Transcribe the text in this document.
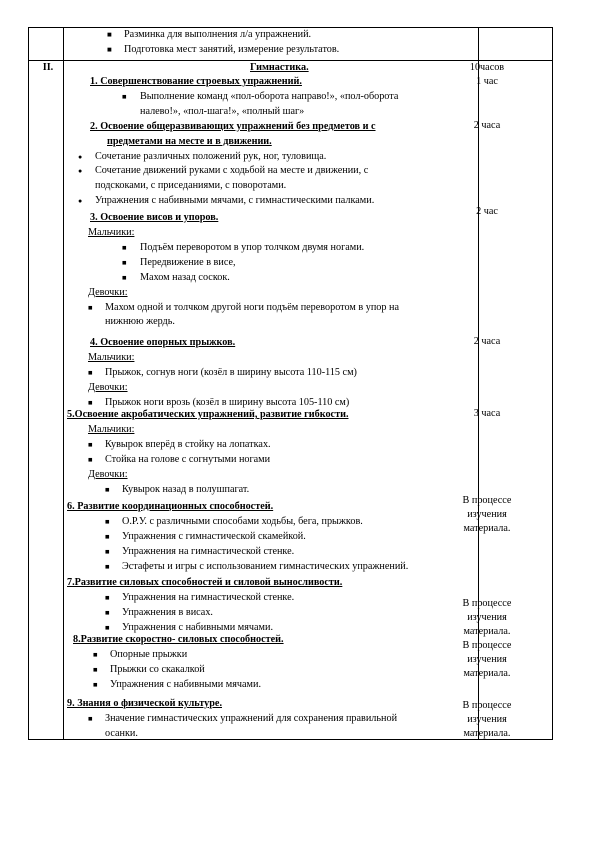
■ Разминка для выполнения л/а упражнений.
■ Подготовка мест занятий, измерение результатов.
II.	Гимнастика.	10часов
1. Совершенствование строевых упражнений.
■ Выполнение команд «пол-оборота направо!», «пол-оборота
налево!», «пол-шага!», «полный шаг»
2. Освоение общеразвивающих упражнений без предметов и с
предметами на месте и в движении.
● Сочетание различных положений рук, ног, туловища.
● Сочетание движений руками с ходьбой на месте и движении, с
подскоками, с приседаниями, с поворотами.
● Упражнения с набивными мячами, с гимнастическими палками.
3. Освоение висов и упоров.
Мальчики:
■ Подъём переворотом в упор толчком двумя ногами.
■ Передвижение в висе,
■ Махом назад соскок.
Девочки:
■ Махом одной и толчком другой ноги подъём переворотом в упор на
нижнюю жердь.
4. Освоение опорных прыжков.
Мальчики:
■ Прыжок, согнув ноги (козёл в ширину высота 110-115 см)
Девочки:
■ Прыжок ноги врозь (козёл в ширину высота 105-110 см)
5.Освоение акробатических упражнений, развитие гибкости.
Мальчики:
■ Кувырок вперёд в стойку на лопатках.
■ Стойка на голове с согнутыми ногами
Девочки:
■ Кувырок назад в полушпагат.
6. Развитие координационных способностей.
■ О.Р.У. с различными способами ходьбы, бега, прыжков.
■ Упражнения с гимнастической скамейкой.
■ Упражнения на гимнастической стенке.
■ Эстафеты и игры с использованием гимнастических упражнений.
7.Развитие силовых способностей и силовой выносливости.
■ Упражнения на гимнастической стенке.
■ Упражнения в висах.
■ Упражнения с набивными мячами.
8.Развитие скоростно- силовых способностей.
■ Опорные прыжки
■ Прыжки со скакалкой
■ Упражнения с набивными мячами.
9. Знания о физической культуре.
■ Значение гимнастических упражнений для сохранения правильной
осанки.
1 час
2 часа
2 час
2 часа
3 часа
В процессе
изучения
материала.
В процессе
изучения
материала.
В процессе
изучения
материала.
В процессе
изучения
материала.
